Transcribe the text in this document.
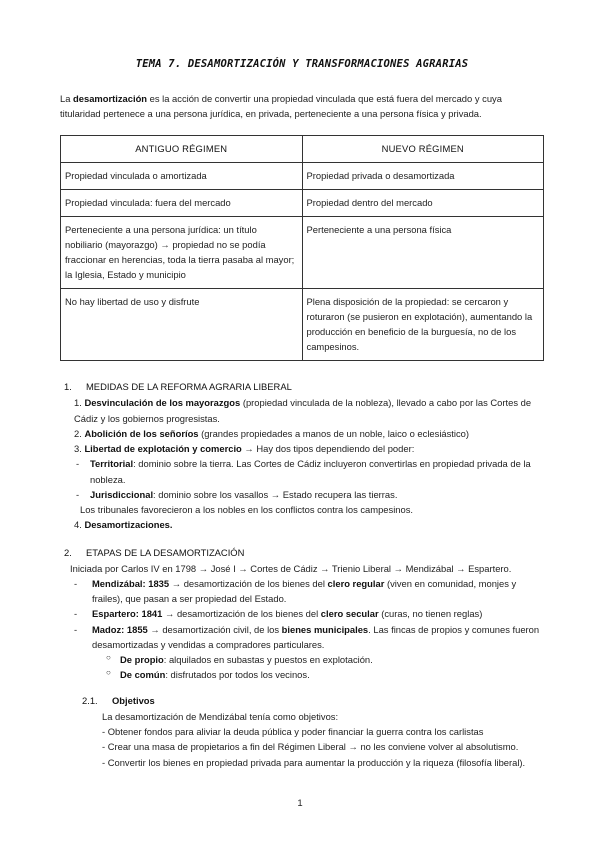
TEMA 7. DESAMORTIZACIÓN Y TRANSFORMACIONES AGRARIAS

La desamortización es la acción de convertir una propiedad vinculada que está fuera del mercado y cuya titularidad pertenece a una persona jurídica, en privada, perteneciente a una persona física y privada.

ANTIGUO RÉGIMEN	NUEVO RÉGIMEN
Propiedad vinculada o amortizada	Propiedad privada o desamortizada
Propiedad vinculada: fuera del mercado	Propiedad dentro del mercado
Perteneciente a una persona jurídica: un título nobiliario (mayorazgo) → propiedad no se podía fraccionar en herencias, toda la tierra pasaba al mayor; la Iglesia, Estado y municipio	Perteneciente a una persona física
No hay libertad de uso y disfrute	Plena disposición de la propiedad: se cercaron y roturaron (se pusieron en explotación), aumentando la producción en beneficio de la burguesía, no de los campesinos.
1.	MEDIDAS DE LA REFORMA AGRARIA LIBERAL
1. Desvinculación de los mayorazgos (propiedad vinculada de la nobleza), llevado a cabo por las Cortes de Cádiz y los gobiernos progresistas.
2. Abolición de los señoríos (grandes propiedades a manos de un noble, laico o eclesiástico)
3. Libertad de explotación y comercio → Hay dos tipos dependiendo del poder:
- Territorial: dominio sobre la tierra. Las Cortes de Cádiz incluyeron convertirlas en propiedad privada de la nobleza.
- Jurisdiccional: dominio sobre los vasallos → Estado recupera las tierras.
Los tribunales favorecieron a los nobles en los conflictos contra los campesinos.
4. Desamortizaciones.
2.	ETAPAS DE LA DESAMORTIZACIÓN
Iniciada por Carlos IV en 1798 → José I → Cortes de Cádiz → Trienio Liberal → Mendizábal → Espartero.
- Mendizábal: 1835 → desamortización de los bienes del clero regular (viven en comunidad, monjes y frailes), que pasan a ser propiedad del Estado.
- Espartero: 1841 → desamortización de los bienes del clero secular (curas, no tienen reglas)
- Madoz: 1855 → desamortización civil, de los bienes municipales. Las fincas de propios y comunes fueron desamortizadas y vendidas a compradores particulares.
○ De propio: alquilados en subastas y puestos en explotación.
○ De común: disfrutados por todos los vecinos.
2.1.	Objetivos
La desamortización de Mendizábal tenía como objetivos:
- Obtener fondos para aliviar la deuda pública y poder financiar la guerra contra los carlistas
- Crear una masa de propietarios a fin del Régimen Liberal → no les conviene volver al absolutismo.
- Convertir los bienes en propiedad privada para aumentar la producción y la riqueza (filosofía liberal).
1
